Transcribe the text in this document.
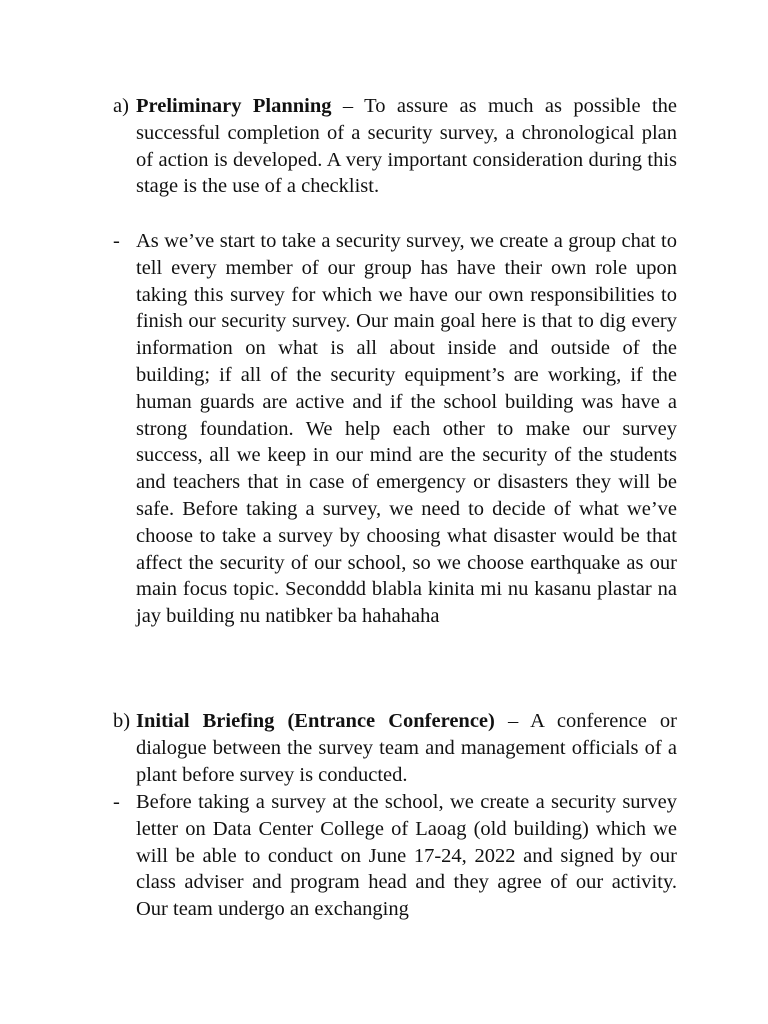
a) Preliminary Planning – To assure as much as possible the successful completion of a security survey, a chronological plan of action is developed. A very important consideration during this stage is the use of a checklist.
- As we’ve start to take a security survey, we create a group chat to tell every member of our group has have their own role upon taking this survey for which we have our own responsibilities to finish our security survey. Our main goal here is that to dig every information on what is all about inside and outside of the building; if all of the security equipment’s are working, if the human guards are active and if the school building was have a strong foundation. We help each other to make our survey success, all we keep in our mind are the security of the students and teachers that in case of emergency or disasters they will be safe. Before taking a survey, we need to decide of what we’ve choose to take a survey by choosing what disaster would be that affect the security of our school, so we choose earthquake as our main focus topic. Seconddd blabla kinita mi nu kasanu plastar na jay building nu natibker ba hahahaha
b) Initial Briefing (Entrance Conference) – A conference or dialogue between the survey team and management officials of a plant before survey is conducted.
- Before taking a survey at the school, we create a security survey letter on Data Center College of Laoag (old building) which we will be able to conduct on June 17-24, 2022 and signed by our class adviser and program head and they agree of our activity. Our team undergo an exchanging
